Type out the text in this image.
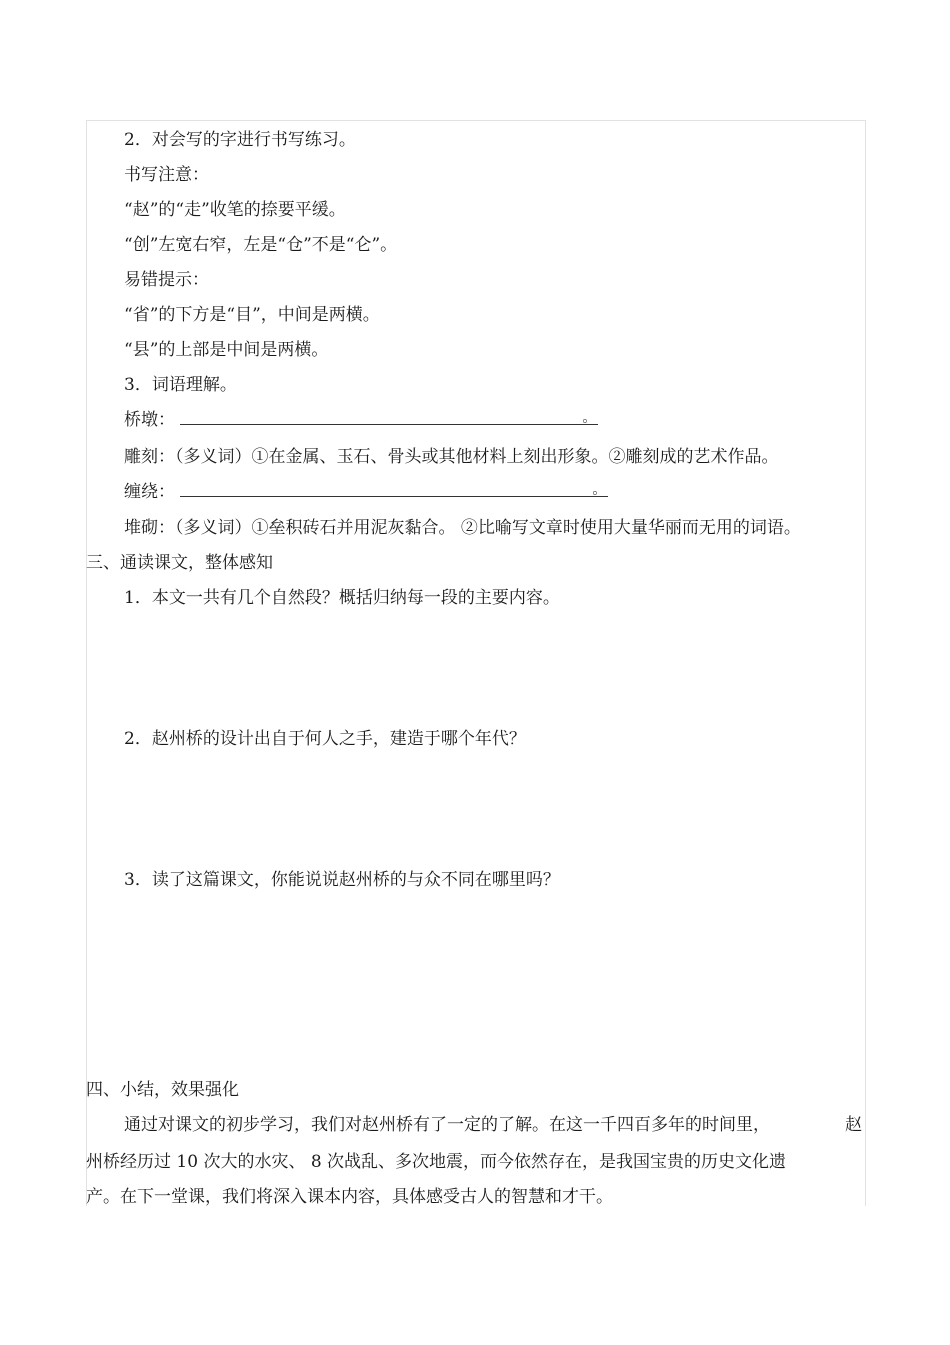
2．对会写的字进行书写练习。
书写注意：
“赵”的“走”收笔的捺要平缓。
“创”左宽右窄，左是“仓”不是“仑”。
易错提示：
“省”的下方是“目”，中间是两横。
“县”的上部是中间是两横。
3．词语理解。
桥墩：	。
雕刻：（多义词）①在金属、玉石、骨头或其他材料上刻出形象。②雕刻成的艺术作品。
缠绕：	。
堆砌：（多义词）①垒积砖石并用泥灰黏合。 ②比喻写文章时使用大量华丽而无用的词语。
三、通读课文，整体感知
1．本文一共有几个自然段？概括归纳每一段的主要内容。
2．赵州桥的设计出自于何人之手，建造于哪个年代？
3．读了这篇课文，你能说说赵州桥的与众不同在哪里吗？
四、小结，效果强化
通过对课文的初步学习，我们对赵州桥有了一定的了解。在这一千四百多年的时间里，	赵
州桥经历过 10 次大的水灾、 8 次战乱、多次地震，而今依然存在，是我国宝贵的历史文化遗
产。在下一堂课，我们将深入课本内容，具体感受古人的智慧和才干。
